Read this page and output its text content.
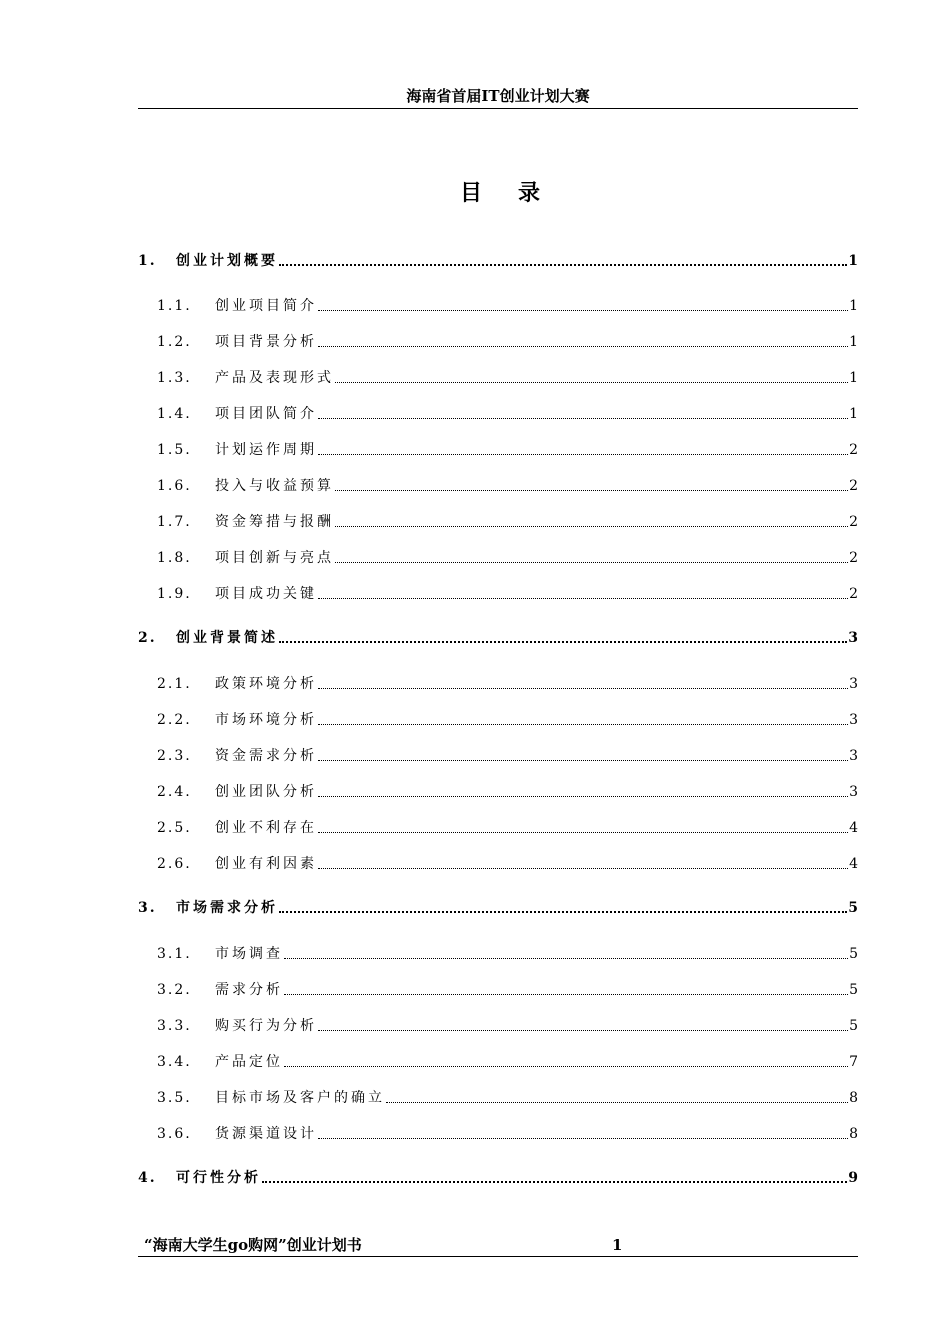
海南省首届IT创业计划大赛
目 录
1.	创业计划概要	1
1.1.	创业项目简介	1
1.2.	项目背景分析	1
1.3.	产品及表现形式	1
1.4.	项目团队简介	1
1.5.	计划运作周期	2
1.6.	投入与收益预算	2
1.7.	资金筹措与报酬	2
1.8.	项目创新与亮点	2
1.9.	项目成功关键	2
2.	创业背景简述	3
2.1.	政策环境分析	3
2.2.	市场环境分析	3
2.3.	资金需求分析	3
2.4.	创业团队分析	3
2.5.	创业不利存在	4
2.6.	创业有利因素	4
3.	市场需求分析	5
3.1.	市场调查	5
3.2.	需求分析	5
3.3.	购买行为分析	5
3.4.	产品定位	7
3.5.	目标市场及客户的确立	8
3.6.	货源渠道设计	8
4.	可行性分析	9
“海南大学生go购网”创业计划书	1
